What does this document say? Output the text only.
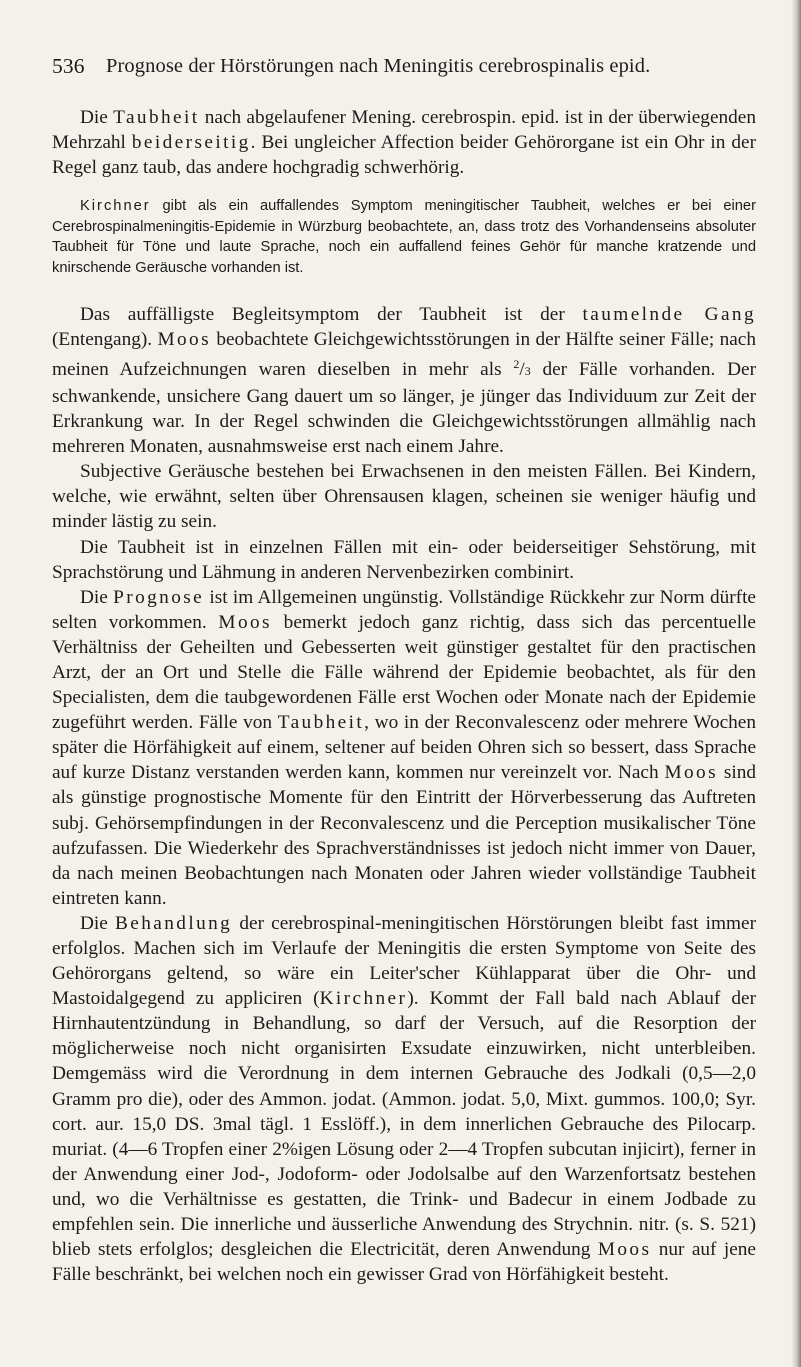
536 Prognose der Hörstörungen nach Meningitis cerebrospinalis epid.

Die Taubheit nach abgelaufener Mening. cerebrospin. epid. ist in der überwiegenden Mehrzahl beiderseitig. Bei ungleicher Affection beider Gehörorgane ist ein Ohr in der Regel ganz taub, das andere hochgradig schwerhörig.

Kirchner gibt als ein auffallendes Symptom meningitischer Taubheit, welches er bei einer Cerebrospinalmeningitis-Epidemie in Würzburg beobachtete, an, dass trotz des Vorhandenseins absoluter Taubheit für Töne und laute Sprache, noch ein auffallend feines Gehör für manche kratzende und knirschende Geräusche vorhanden ist.

Das auffälligste Begleitsymptom der Taubheit ist der taumelnde Gang (Entengang). Moos beobachtete Gleichgewichtsstörungen in der Hälfte seiner Fälle; nach meinen Aufzeichnungen waren dieselben in mehr als $^2$/3 der Fälle vorhanden. Der schwankende, unsichere Gang dauert um so länger, je jünger das Individuum zur Zeit der Erkrankung war. In der Regel schwinden die Gleichgewichtsstörungen allmählig nach mehreren Monaten, ausnahmsweise erst nach einem Jahre.

Subjective Geräusche bestehen bei Erwachsenen in den meisten Fällen. Bei Kindern, welche, wie erwähnt, selten über Ohrensausen klagen, scheinen sie weniger häufig und minder lästig zu sein.

Die Taubheit ist in einzelnen Fällen mit ein- oder beiderseitiger Sehstörung, mit Sprachstörung und Lähmung in anderen Nervenbezirken combinirt.

Die Prognose ist im Allgemeinen ungünstig. Vollständige Rückkehr zur Norm dürfte selten vorkommen. Moos bemerkt jedoch ganz richtig, dass sich das percentuelle Verhältniss der Geheilten und Gebesserten weit günstiger gestaltet für den practischen Arzt, der an Ort und Stelle die Fälle während der Epidemie beobachtet, als für den Specialisten, dem die taubgewordenen Fälle erst Wochen oder Monate nach der Epidemie zugeführt werden. Fälle von Taubheit, wo in der Reconvalescenz oder mehrere Wochen später die Hörfähigkeit auf einem, seltener auf beiden Ohren sich so bessert, dass Sprache auf kurze Distanz verstanden werden kann, kommen nur vereinzelt vor. Nach Moos sind als günstige prognostische Momente für den Eintritt der Hörverbesserung das Auftreten subj. Gehörsempfindungen in der Reconvalescenz und die Perception musikalischer Töne aufzufassen. Die Wiederkehr des Sprachverständnisses ist jedoch nicht immer von Dauer, da nach meinen Beobachtungen nach Monaten oder Jahren wieder vollständige Taubheit eintreten kann.

Die Behandlung der cerebrospinal-meningitischen Hörstörungen bleibt fast immer erfolglos. Machen sich im Verlaufe der Meningitis die ersten Symptome von Seite des Gehörorgans geltend, so wäre ein Leiter'scher Kühlapparat über die Ohr- und Mastoidalgegend zu appliciren (Kirchner). Kommt der Fall bald nach Ablauf der Hirnhautentzündung in Behandlung, so darf der Versuch, auf die Resorption der möglicherweise noch nicht organisirten Exsudate einzuwirken, nicht unterbleiben. Demgemäss wird die Verordnung in dem internen Gebrauche des Jodkali (0,5—2,0 Gramm pro die), oder des Ammon. jodat. (Ammon. jodat. 5,0, Mixt. gummos. 100,0; Syr. cort. aur. 15,0 DS. 3mal tägl. 1 Esslöff.), in dem innerlichen Gebrauche des Pilocarp. muriat. (4—6 Tropfen einer 2%igen Lösung oder 2—4 Tropfen subcutan injicirt), ferner in der Anwendung einer Jod-, Jodoform- oder Jodolsalbe auf den Warzenfortsatz bestehen und, wo die Verhältnisse es gestatten, die Trink- und Badecur in einem Jodbade zu empfehlen sein. Die innerliche und äusserliche Anwendung des Strychnin. nitr. (s. S. 521) blieb stets erfolglos; desgleichen die Electricität, deren Anwendung Moos nur auf jene Fälle beschränkt, bei welchen noch ein gewisser Grad von Hörfähigkeit besteht.
